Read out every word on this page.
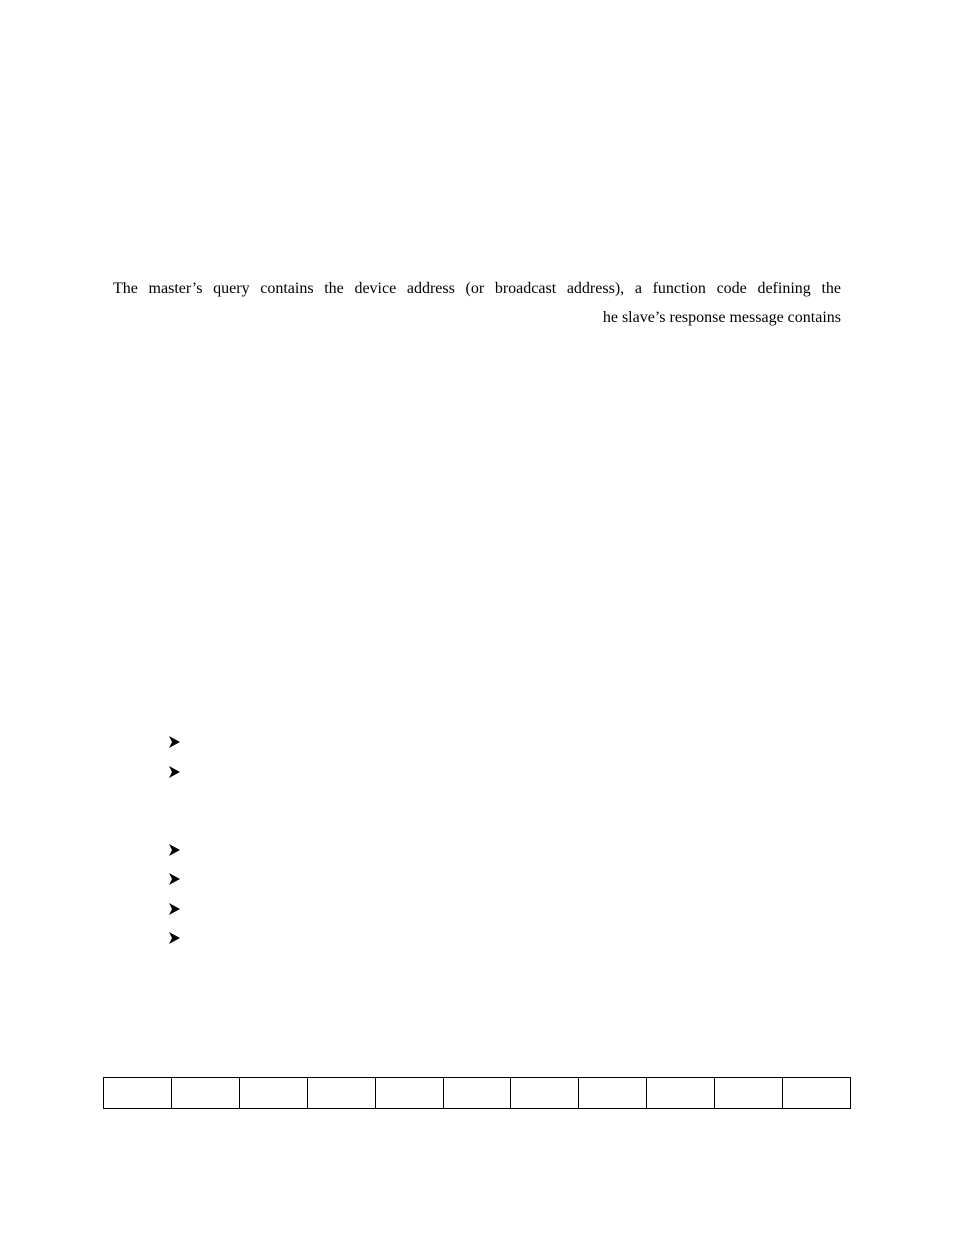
The master’s query contains the device address (or broadcast address), a function code defining the
he slave’s response message contains
